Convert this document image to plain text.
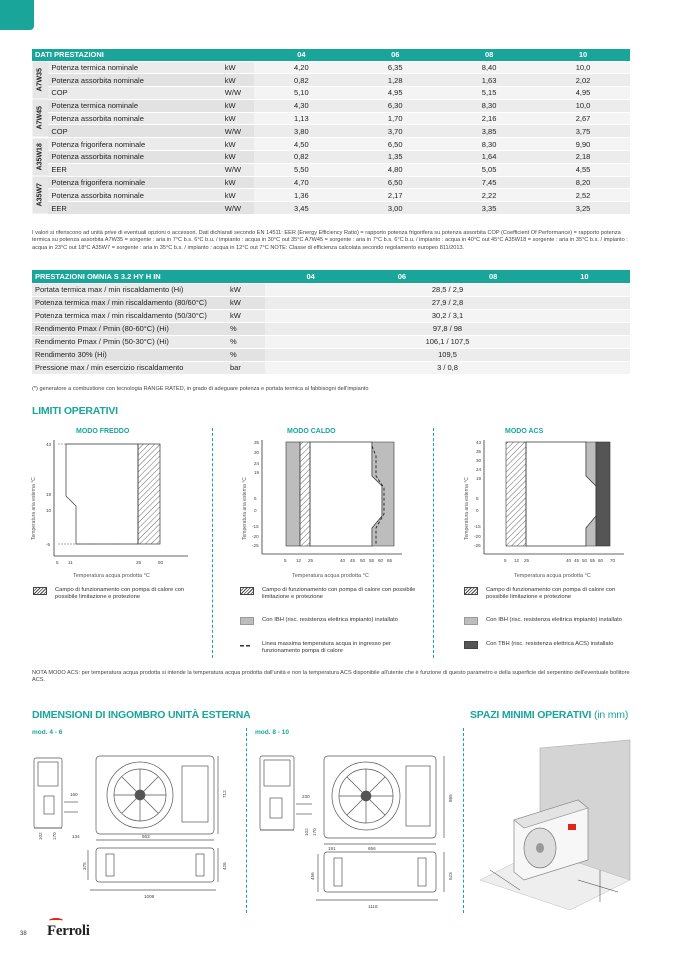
DATI PRESTAZIONI			04	06	08	10
A7W35	Potenza termica nominale	kW	4,20	6,35	8,40	10,0
	Potenza assorbita nominale	kW	0,82	1,28	1,63	2,02
	COP	W/W	5,10	4,95	5,15	4,95
A7W45	Potenza termica nominale	kW	4,30	6,30	8,30	10,0
	Potenza assorbita nominale	kW	1,13	1,70	2,16	2,67
	COP	W/W	3,80	3,70	3,85	3,75
A35W18	Potenza frigorifera nominale	kW	4,50	6,50	8,30	9,90
	Potenza assorbita nominale	kW	0,82	1,35	1,64	2,18
	EER	W/W	5,50	4,80	5,05	4,55
A35W7	Potenza frigorifera nominale	kW	4,70	6,50	7,45	8,20
	Potenza assorbita nominale	kW	1,36	2,17	2,22	2,52
	EER	W/W	3,45	3,00	3,35	3,25
I valori si riferiscono ad unità prive di eventuali opzioni o accessori. Dati dichiarati secondo EN 14511: EER (Energy Efficiency Ratio) = rapporto potenza frigorifera su potenza assorbita COP (Coefficient Of Performance) = rapporto potenza termica su potenza assorbita A7W35 = sorgente : aria in 7°C b.s. 6°C b.u. / impianto : acqua in 30°C out 35°C A7W45 = sorgente : aria in 7°C b.s. 6°C b.u. / impianto : acqua in 40°C out 45°C A35W18 = sorgente : aria in 35°C b.s. / impianto : acqua in 23°C out 18°C A35W7 = sorgente : aria in 35°C b.s. / impianto : acqua in 12°C out 7°C NOTE: Classe di efficienza calcolata secondo regolamento europeo 811/2013.
PRESTAZIONI OMNIA S 3.2 HY H IN		04	06	08	10
Portata termica max / min riscaldamento (Hi)	kW	28,5 / 2,9			
Potenza termica max / min riscaldamento (80/60°C)	kW	27,9 / 2,8			
Potenza termica max / min riscaldamento (50/30°C)	kW	30,2 / 3,1			
Rendimento Pmax / Pmin (80-60°C) (Hi)	%	97,8 / 98			
Rendimento Pmax / Pmin (50-30°C) (Hi)	%	106,1 / 107,5			
Rendimento 30% (Hi)	%	109,5			
Pressione max / min esercizio riscaldamento	bar	3 / 0,8			
(*) generatore a combustione con tecnologia RANGE RATED, in grado di adeguare potenza e portata termica al fabbisogni dell'impianto
LIMITI OPERATIVI
MODO FREDDO
Temperatura aria esterna °C
43
19
10
-5
5 11	25	50
Temperatura acqua prodotta °C
MODO CALDO
Temperatura aria esterna °C
35
30
24
19
5
0
-15
-20
-25
5 12 25	40 45 50 55 60 65
Temperatura acqua prodotta °C
MODO ACS
Temperatura aria esterna °C
43
35
30
24
19
5
0
-15
-20
-25
5 12 25	40 45 50 55 60 70
Temperatura acqua prodotta °C
Campo di funzionamento con pompa di calore con possibile limitazione e protezione
Campo di funzionamento con pompa di calore con possibile limitazione e protezione
Con IBH (risc. resistenza elettrica impianto) installato
Linea massima temperatura acqua in ingresso per funzionamento pompa di calore
Campo di funzionamento con pompa di calore con possibile limitazione e protezione
Con IBH (risc. resistenza elettrica impianto) installato
Con TBH (risc. resistenza elettrica ACS) installato
NOTA MODO ACS: per temperatura acqua prodotta si intende la temperatura acqua prodotta dall'unità e non la temperatura ACS disponibile all'utente che è funzione di questo parametro e della superficie del serpentino dell'eventuale bollitore ACS.
DIMENSIONI DI INGOMBRO UNITÀ ESTERNA	SPAZI MINIMI OPERATIVI (in mm)
mod. 4 - 6	mod. 8 - 10
160
102 170	134	663
712
375	426
1008
230
102 170
191	656
865
456	523
1118
38 Ferroli
